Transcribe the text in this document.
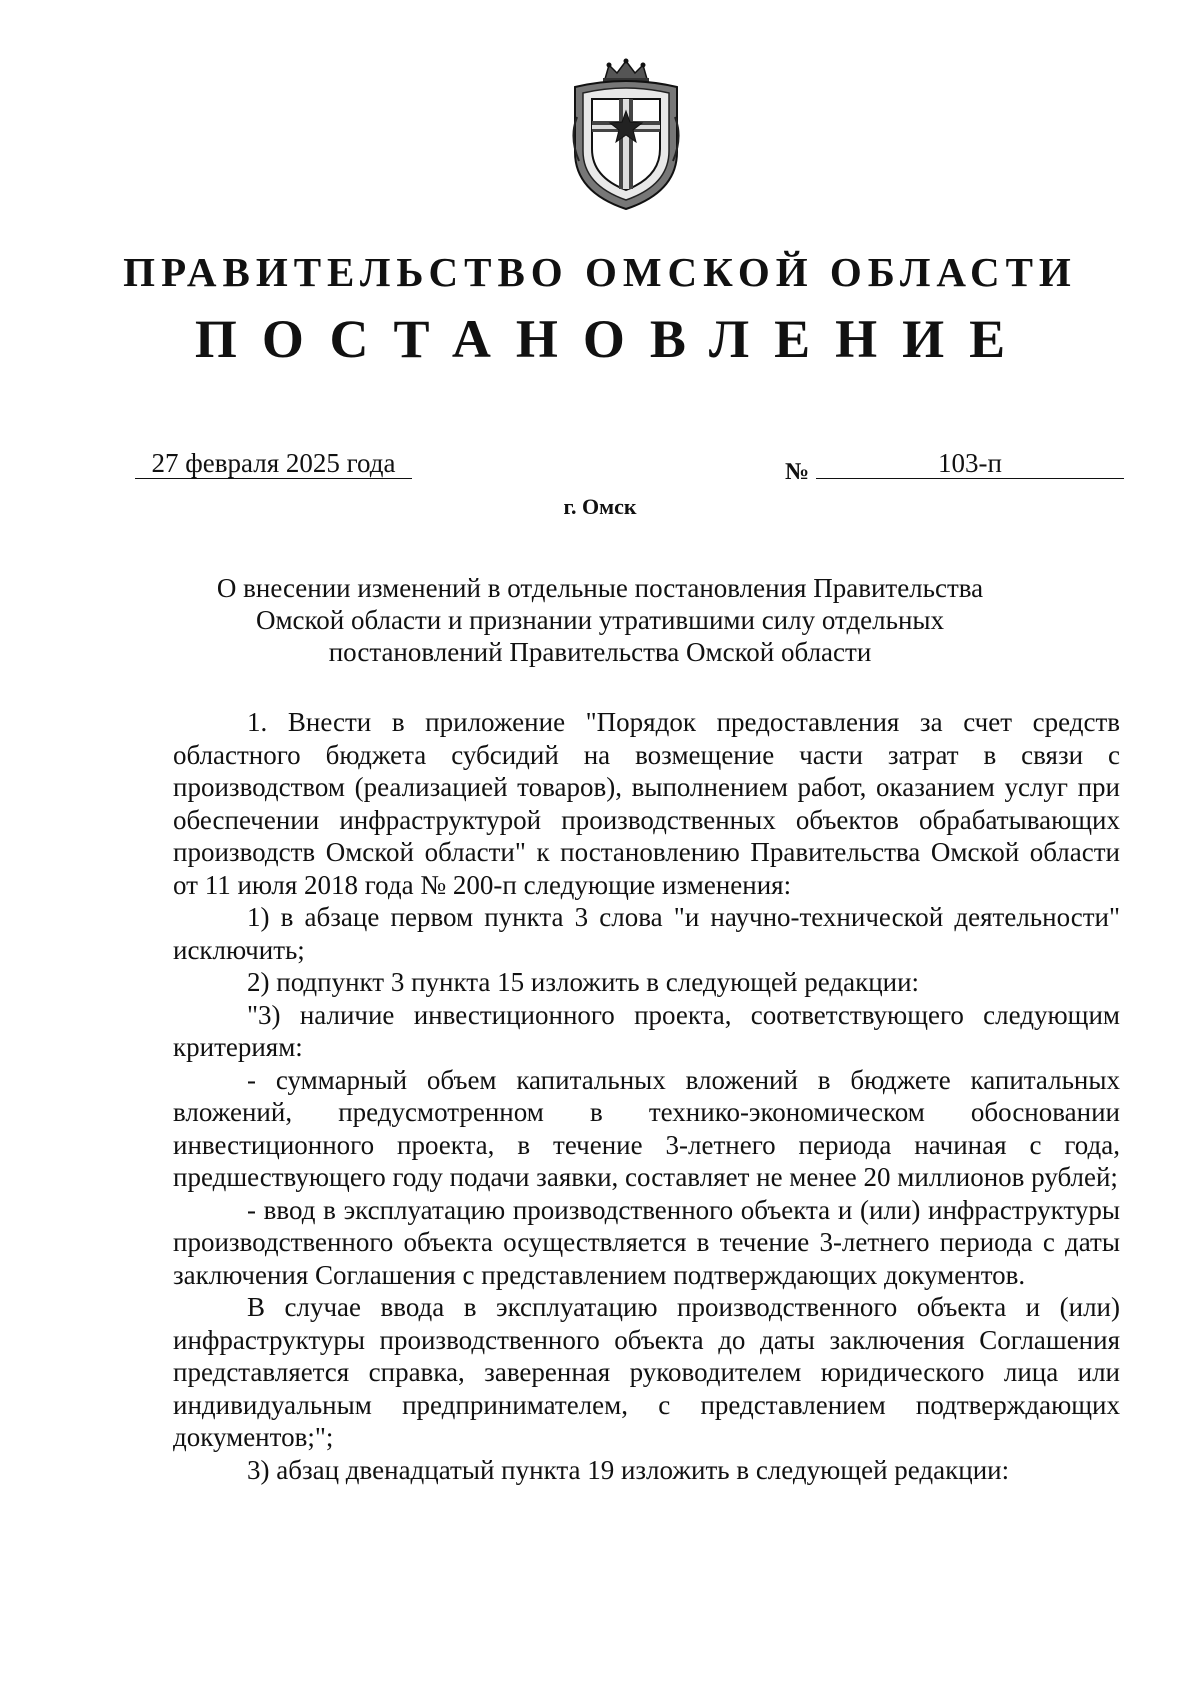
ПРАВИТЕЛЬСТВО ОМСКОЙ ОБЛАСТИ
ПОСТАНОВЛЕНИЕ
27 февраля 2025 года	№	103-п
г. Омск
О внесении изменений в отдельные постановления Правительства
Омской области и признании утратившими силу отдельных
постановлений Правительства Омской области

1. Внести в приложение "Порядок предоставления за счет средств областного бюджета субсидий на возмещение части затрат в связи с производством (реализацией товаров), выполнением работ, оказанием услуг при обеспечении инфраструктурой производственных объектов обрабатывающих производств Омской области" к постановлению Правительства Омской области от 11 июля 2018 года № 200-п следующие изменения:

1) в абзаце первом пункта 3 слова "и научно-технической деятельности" исключить;

2) подпункт 3 пункта 15 изложить в следующей редакции:

"3) наличие инвестиционного проекта, соответствующего следующим критериям:

- суммарный объем капитальных вложений в бюджете капитальных вложений, предусмотренном в технико-экономическом обосновании инвестиционного проекта, в течение 3-летнего периода начиная с года, предшествующего году подачи заявки, составляет не менее 20 миллионов рублей;

- ввод в эксплуатацию производственного объекта и (или) инфраструктуры производственного объекта осуществляется в течение 3-летнего периода с даты заключения Соглашения с представлением подтверждающих документов.

В случае ввода в эксплуатацию производственного объекта и (или) инфраструктуры производственного объекта до даты заключения Соглашения представляется справка, заверенная руководителем юридического лица или индивидуальным предпринимателем, с представлением подтверждающих документов;";

3) абзац двенадцатый пункта 19 изложить в следующей редакции:
